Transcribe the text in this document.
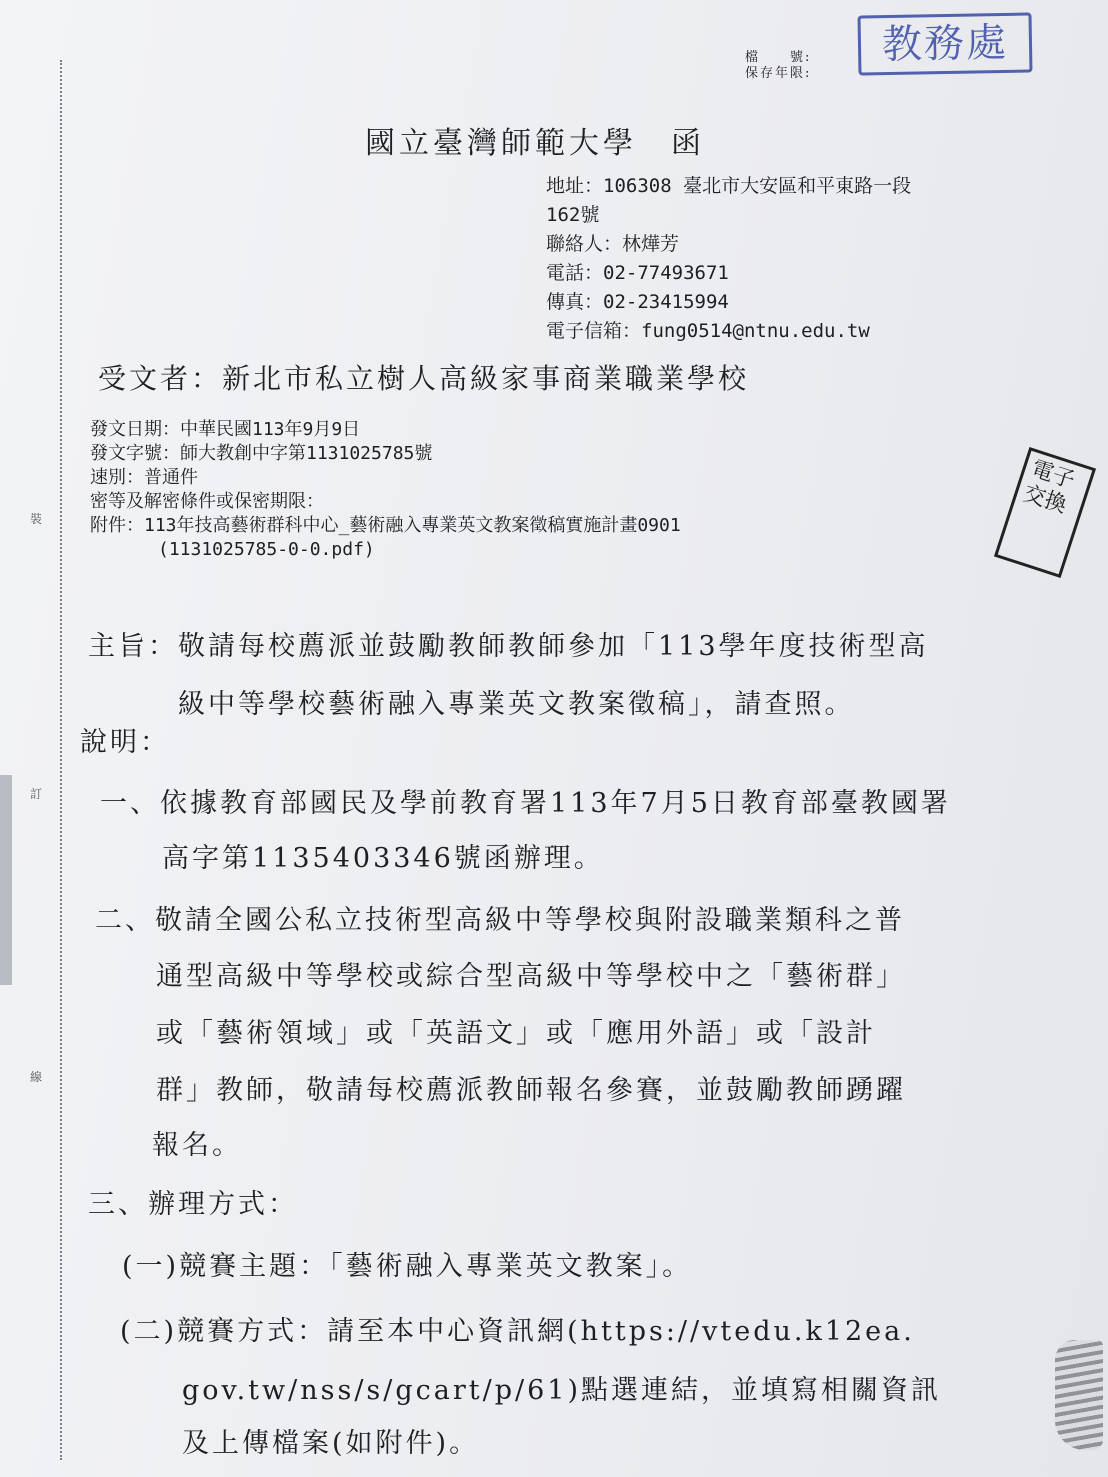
裝
訂
線
檔　　號:
保存年限:
教務處
國立臺灣師範大學　函
地址：106308 臺北市大安區和平東路一段
162號
聯絡人：林燁芳
電話：02-77493671
傳真：02-23415994
電子信箱：fung0514@ntnu.edu.tw
受文者：新北市私立樹人高級家事商業職業學校
發文日期：中華民國113年9月9日
發文字號：師大教創中字第1131025785號
速別：普通件
密等及解密條件或保密期限：
附件：113年技高藝術群科中心_藝術融入專業英文教案徵稿實施計畫0901
(1131025785-0-0.pdf)
主旨：敬請每校薦派並鼓勵教師教師參加「113學年度技術型高
級中等學校藝術融入專業英文教案徵稿」，請查照。
說明：
一、依據教育部國民及學前教育署113年7月5日教育部臺教國署
高字第1135403346號函辦理。
二、敬請全國公私立技術型高級中等學校與附設職業類科之普
通型高級中等學校或綜合型高級中等學校中之「藝術群」
或「藝術領域」或「英語文」或「應用外語」或「設計
群」教師，敬請每校薦派教師報名參賽，並鼓勵教師踴躍
報名。
三、辦理方式：
(一)競賽主題：「藝術融入專業英文教案」。
(二)競賽方式：請至本中心資訊網(https://vtedu.k12ea.
gov.tw/nss/s/gcart/p/61)點選連結，並填寫相關資訊
及上傳檔案(如附件)。
電子交換
